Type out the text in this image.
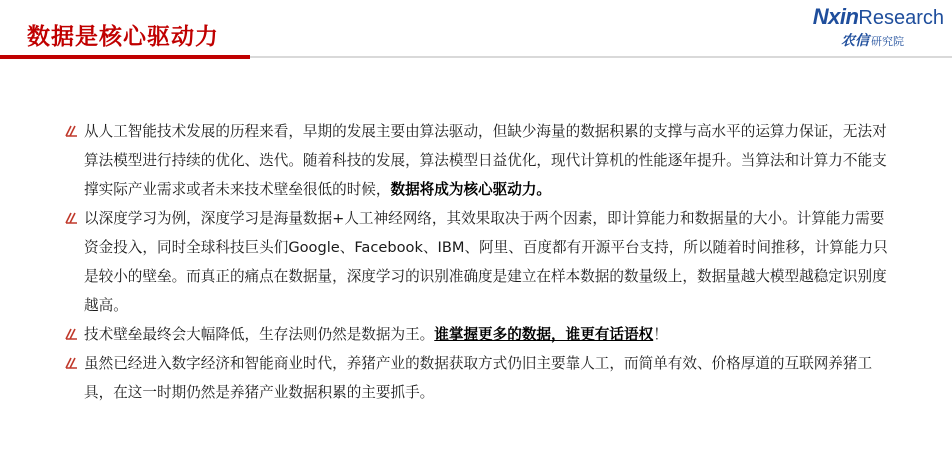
数据是核心驱动力
NxinResearch
农信 研究院
从人工智能技术发展的历程来看，早期的发展主要由算法驱动，但缺少海量的数据积累的支撑与高水平的运算力保证，无法对算法模型进行持续的优化、迭代。随着科技的发展，算法模型日益优化，现代计算机的性能逐年提升。当算法和计算力不能支撑实际产业需求或者未来技术壁垒很低的时候，数据将成为核心驱动力。
以深度学习为例，深度学习是海量数据+人工神经网络，其效果取决于两个因素，即计算能力和数据量的大小。计算能力需要资金投入，同时全球科技巨头们Google、Facebook、IBM、阿里、百度都有开源平台支持，所以随着时间推移，计算能力只是较小的壁垒。而真正的痛点在数据量，深度学习的识别准确度是建立在样本数据的数量级上，数据量越大模型越稳定识别度越高。
技术壁垒最终会大幅降低，生存法则仍然是数据为王。谁掌握更多的数据，谁更有话语权！
虽然已经进入数字经济和智能商业时代，养猪产业的数据获取方式仍旧主要靠人工，而简单有效、价格厚道的互联网养猪工具，在这一时期仍然是养猪产业数据积累的主要抓手。
